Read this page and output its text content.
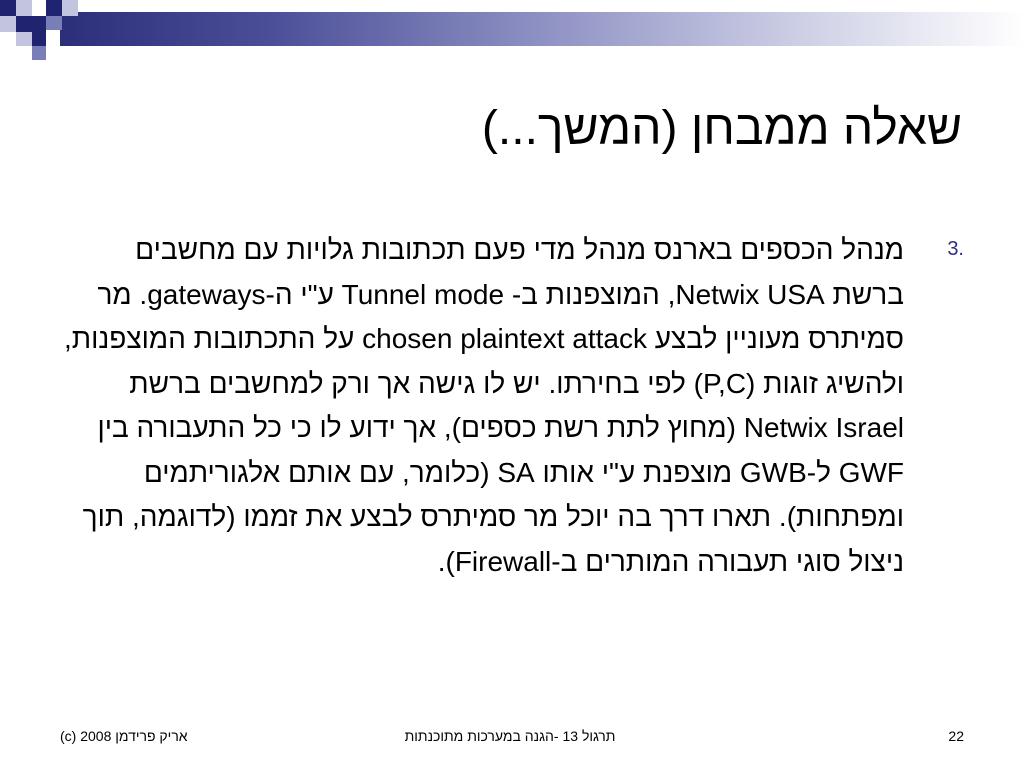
שאלה ממבחן (המשך...)
3.
מנהל הכספים בארנס מנהל מדי פעם תכתובות גלויות עם מחשבים ברשת Netwix USA, המוצפנות ב- Tunnel mode ע"י ה-gateways. מר סמיתרס מעוניין לבצע chosen plaintext attack על התכתובות המוצפנות, ולהשיג זוגות (P,C) לפי בחירתו. יש לו גישה אך ורק למחשבים ברשת Netwix Israel (מחוץ לתת רשת כספים), אך ידוע לו כי כל התעבורה בין GWF ל-GWB מוצפנת ע"י אותו SA (כלומר, עם אותם אלגוריתמים ומפתחות). תארו דרך בה יוכל מר סמיתרס לבצע את זממו (לדוגמה, תוך ניצול סוגי תעבורה המותרים ב-Firewall).
אריק פרידמן 2008 (c)	תרגול 13 -הגנה במערכות מתוכנתות	22
